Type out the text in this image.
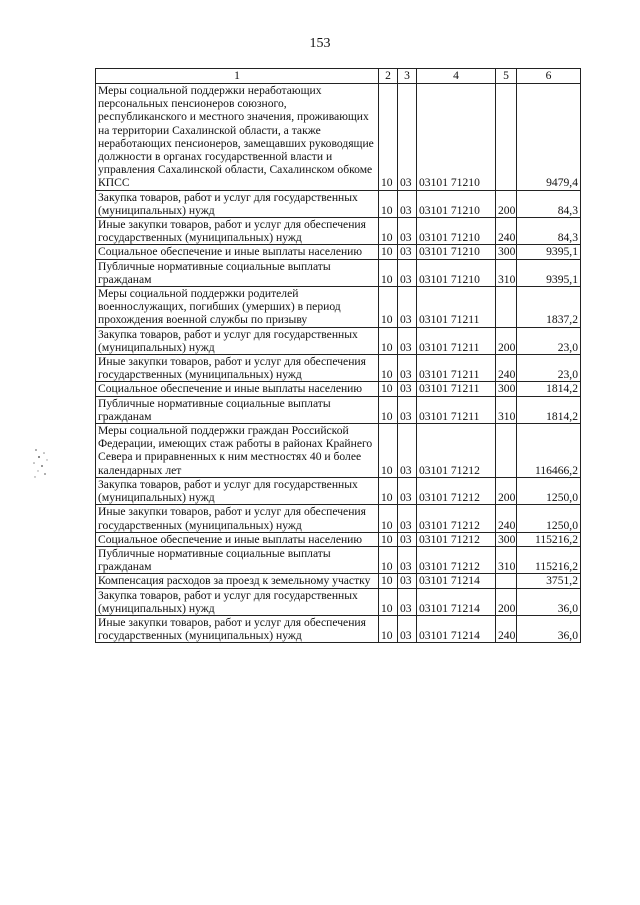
153
1	2	3	4	5	6
Меры социальной поддержки неработающих персональных пенсионеров союзного, республиканского и местного значения, проживающих на территории Сахалинской области, а также неработающих пенсионеров, замещавших руководящие должности в органах государственной власти и управления Сахалинской области, Сахалинском обкоме КПСС	10	03	03101 71210		9479,4
Закупка товаров, работ и услуг для государственных (муниципальных) нужд	10	03	03101 71210	200	84,3
Иные закупки товаров, работ и услуг для обеспечения государственных (муниципальных) нужд	10	03	03101 71210	240	84,3
Социальное обеспечение и иные выплаты населению	10	03	03101 71210	300	9395,1
Публичные нормативные социальные выплаты гражданам	10	03	03101 71210	310	9395,1
Меры социальной поддержки родителей военнослужащих, погибших (умерших) в период прохождения военной службы по призыву	10	03	03101 71211		1837,2
Закупка товаров, работ и услуг для государственных (муниципальных) нужд	10	03	03101 71211	200	23,0
Иные закупки товаров, работ и услуг для обеспечения государственных (муниципальных) нужд	10	03	03101 71211	240	23,0
Социальное обеспечение и иные выплаты населению	10	03	03101 71211	300	1814,2
Публичные нормативные социальные выплаты гражданам	10	03	03101 71211	310	1814,2
Меры социальной поддержки граждан Российской Федерации, имеющих стаж работы в районах Крайнего Севера и приравненных к ним местностях 40 и более календарных лет	10	03	03101 71212		116466,2
Закупка товаров, работ и услуг для государственных (муниципальных) нужд	10	03	03101 71212	200	1250,0
Иные закупки товаров, работ и услуг для обеспечения государственных (муниципальных) нужд	10	03	03101 71212	240	1250,0
Социальное обеспечение и иные выплаты населению	10	03	03101 71212	300	115216,2
Публичные нормативные социальные выплаты гражданам	10	03	03101 71212	310	115216,2
Компенсация расходов за проезд к земельному участку	10	03	03101 71214		3751,2
Закупка товаров, работ и услуг для государственных (муниципальных) нужд	10	03	03101 71214	200	36,0
Иные закупки товаров, работ и услуг для обеспечения государственных (муниципальных) нужд	10	03	03101 71214	240	36,0
